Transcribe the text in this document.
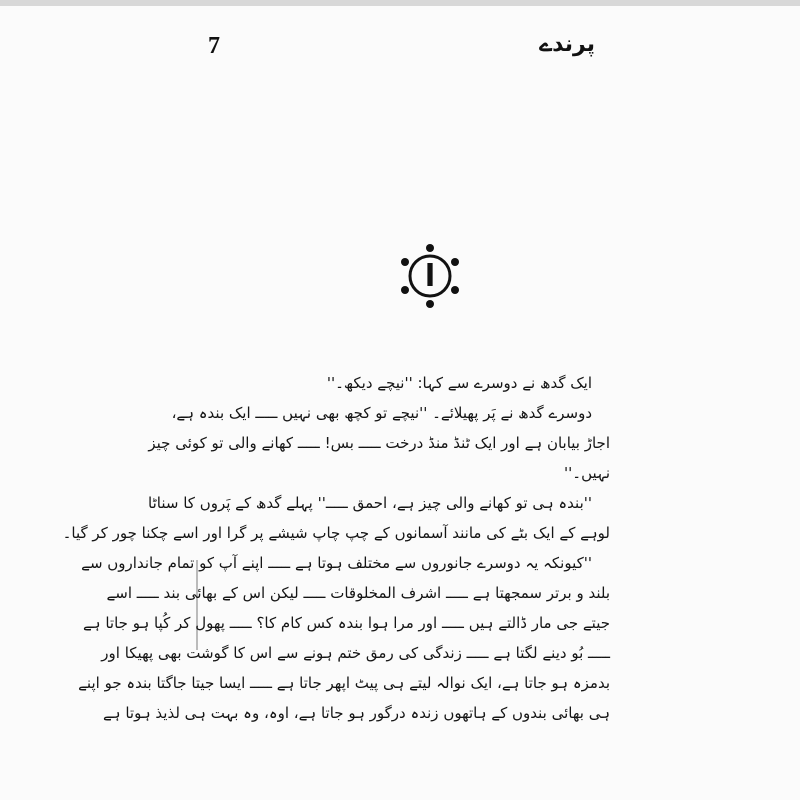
7	پرندے
ا
ایک گدھ نے دوسرے سے کہا: ''نیچے دیکھ۔''
دوسرے گدھ نے پَر پھیلائے۔ ''نیچے تو کچھ بھی نہیں ـــــ ایک بندہ ہے،
اجاڑ بیابان ہے اور ایک ٹنڈ منڈ درخت ـــــ بس! ـــــ کھانے والی تو کوئی چیز
نہیں۔''
''بندہ ہی تو کھانے والی چیز ہے، احمق ـــــ'' پہلے گدھ کے پَروں کا سناٹا
لوہے کے ایک بٹے کی مانند آسمانوں کے چپ چاپ شیشے پر گرا اور اسے چکنا چور کر گیا۔
''کیونکہ یہ دوسرے جانوروں سے مختلف ہوتا ہے ـــــ اپنے آپ کو تمام جانداروں سے
بلند و برتر سمجھتا ہے ـــــ اشرف المخلوقات ـــــ لیکن اس کے بھائی بند ـــــ اسے
جیتے جی مار ڈالتے ہیں ـــــ اور مرا ہوا بندہ کس کام کا؟ ـــــ پھول کر کُپا ہو جاتا ہے
ـــــ بُو دینے لگتا ہے ـــــ زندگی کی رمق ختم ہونے سے اس کا گوشت بھی پھیکا اور
بدمزہ ہو جاتا ہے، ایک نوالہ لیتے ہی پیٹ اپھر جاتا ہے ـــــ ایسا جیتا جاگتا بندہ جو اپنے
ہی بھائی بندوں کے ہاتھوں زندہ درگور ہو جاتا ہے، اوہ، وہ بہت ہی لذیذ ہوتا ہے
